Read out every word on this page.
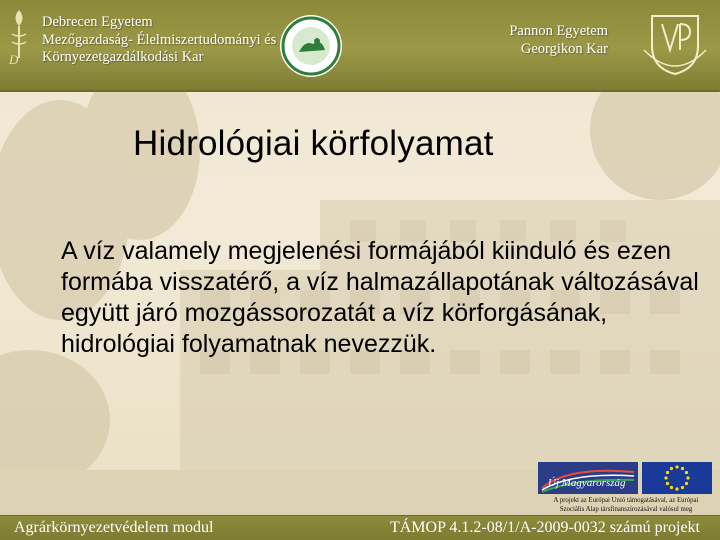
D
Debrecen Egyetem
Mezőgazdaság- Élelmiszertudományi és
Környezetgazdálkodási Kar
Pannon Egyetem
Georgikon Kar
Hidrológiai körfolyamat
A víz valamely megjelenési formájából kiinduló és ezen formába visszatérő, a víz halmazállapotának változásával együtt járó mozgássorozatát a víz körforgásának, hidrológiai folyamatnak nevezzük.
Új Magyarország
A projekt az Európai Unió támogatásával, az Európai
Szociális Alap társfinanszírozásával valósul meg
Agrárkörnyezetvédelem modul	TÁMOP 4.1.2-08/1/A-2009-0032 számú projekt
